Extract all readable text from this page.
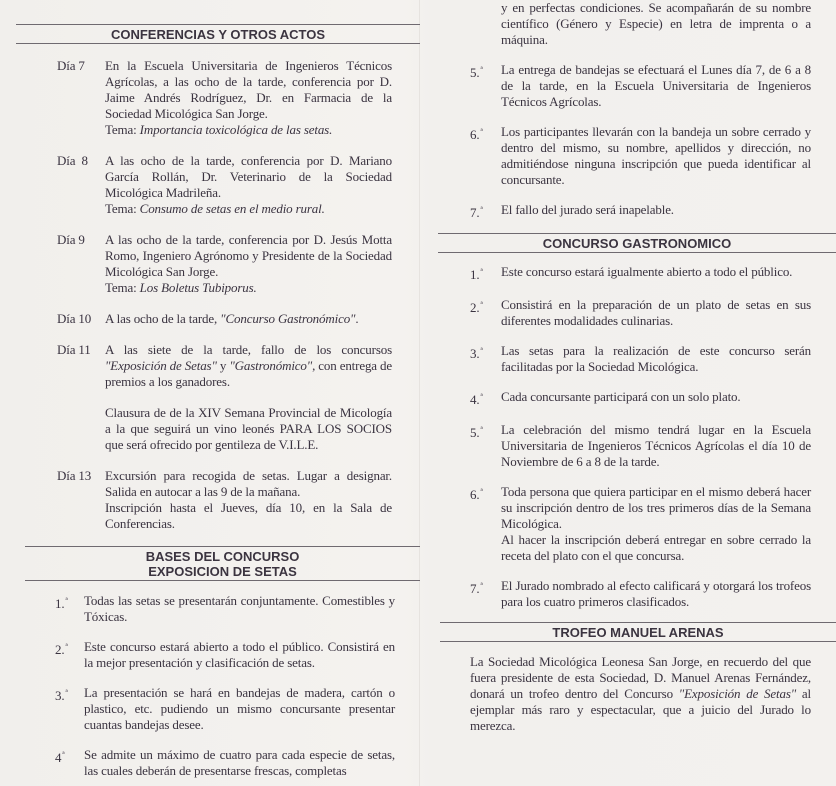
CONFERENCIAS Y OTROS ACTOS
Día 7	En la Escuela Universitaria de Ingenieros Técnicos Agrícolas, a las ocho de la tarde, conferencia por D. Jaime Andrés Rodríguez, Dr. en Farmacia de la Sociedad Micológica San Jorge.

Tema: Importancia toxicológica de las setas.

Día  8	A las ocho de la tarde, conferencia por D. Mariano García Rollán, Dr. Veterinario de la Sociedad Micológica Madrileña.

Tema: Consumo de setas en el medio rural.

Día 9	A las ocho de la tarde, conferencia por D. Jesús Motta Romo, Ingeniero Agrónomo y Presidente de la Sociedad Micológica San Jorge.

Tema: Los Boletus Tubiporus.

Día 10	A las ocho de la tarde, "Concurso Gastronómico".

Día 11	A las siete de la tarde, fallo de los concursos "Exposición de Setas" y "Gastronómico", con entrega de premios a los ganadores.

Clausura de de la XIV Semana Provincial de Micología a la que seguirá un vino leonés PARA LOS SOCIOS que será ofrecido por gentileza de V.I.L.E.

Día 13	Excursión para recogida de setas. Lugar a designar. Salida en autocar a las 9 de la mañana.

Inscripción hasta el Jueves, día 10, en la Sala de Conferencias.

BASES DEL CONCURSO
EXPOSICION DE SETAS
1.$^ª$	Todas las setas se presentarán conjuntamente. Comestibles y Tóxicas.

2.$^ª$	Este concurso estará abierto a todo el público. Consistirá en la mejor presentación y clasificación de setas.

3.$^ª$	La presentación se hará en bandejas de madera, cartón o plastico, etc. pudiendo un mismo concursante presentar cuantas bandejas desee.

$4^ª$	Se admite un máximo de cuatro para cada especie de setas, las cuales deberán de presentarse frescas, completas

y en perfectas condiciones. Se acompañarán de su nombre científico (Género y Especie) en letra de imprenta o a máquina.
5.$^ª$	La entrega de bandejas se efectuará el Lunes día 7, de 6 a 8 de la tarde, en la Escuela Universitaria de Ingenieros Técnicos Agrícolas.

6.$^ª$	Los participantes llevarán con la bandeja un sobre cerrado y dentro del mismo, su nombre, apellidos y dirección, no admitiéndose ninguna inscripción que pueda identificar al concursante.

7.$^ª$	El fallo del jurado será inapelable.

CONCURSO GASTRONOMICO
1.$^ª$	Este concurso estará igualmente abierto a todo el público.

2.$^ª$	Consistirá en la preparación de un plato de setas en sus diferentes modalidades culinarias.

3.$^ª$	Las setas para la realización de este concurso serán facilitadas por la Sociedad Micológica.

4.$^ª$	Cada concursante participará con un solo plato.

5.$^ª$	La celebración del mismo tendrá lugar en la Escuela Universitaria de Ingenieros Técnicos Agrícolas el día 10 de Noviembre de 6 a 8 de la tarde.

6.$^ª$	Toda persona que quiera participar en el mismo deberá hacer su inscripción dentro de los tres primeros días de la Semana Micológica.

Al hacer la inscripción deberá entregar en sobre cerrado la receta del plato con el que concursa.

7.$^ª$	El Jurado nombrado al efecto calificará y otorgará los trofeos para los cuatro primeros clasificados.

TROFEO MANUEL ARENAS
La Sociedad Micológica Leonesa San Jorge, en recuerdo del que fuera presidente de esta Sociedad, D. Manuel Arenas Fernández, donará un trofeo dentro del Concurso "Exposición de Setas" al ejemplar más raro y espectacular, que a juicio del Jurado lo merezca.
